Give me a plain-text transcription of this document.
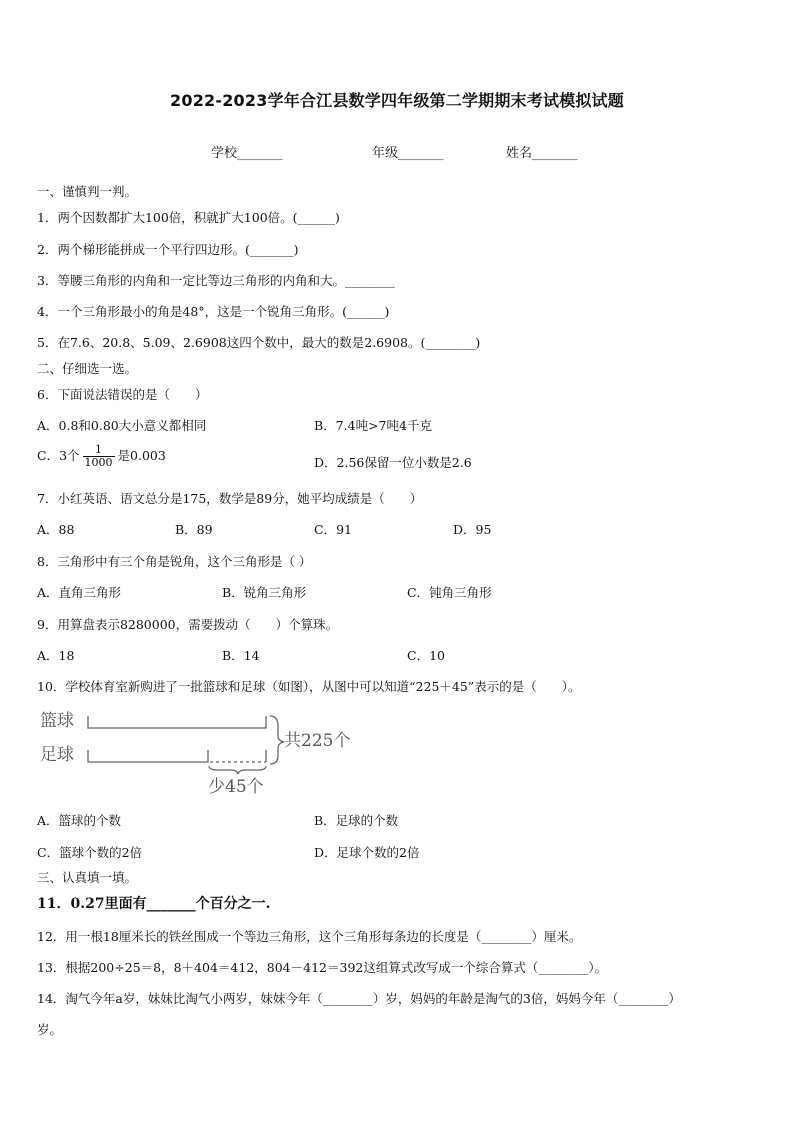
2022-2023学年合江县数学四年级第二学期期末考试模拟试题
学校_______	年级_______	姓名_______
一、谨慎判一判。
1．两个因数都扩大100倍，积就扩大100倍。(______)
2．两个梯形能拼成一个平行四边形。(_______)
3．等腰三角形的内角和一定比等边三角形的内角和大。________
4．一个三角形最小的角是48°，这是一个锐角三角形。(______)
5．在7.6、20.8、5.09、2.6908这四个数中，最大的数是2.6908。(________)
二、仔细选一选。
6．下面说法错误的是（　　）
A．0.8和0.80大小意义都相同	B．7.4吨>7吨4千克
C．3个 $\frac{1}{1000}$ 是0.003	D．2.56保留一位小数是2.6
7．小红英语、语文总分是175，数学是89分，她平均成绩是（　　）
A．88	B．89	C．91	D．95
8．三角形中有三个角是锐角，这个三角形是（ ）
A．直角三角形	B．锐角三角形	C．钝角三角形
9．用算盘表示8280000，需要拨动（　　）个算珠。
A．18	B．14	C．10
10．学校体育室新购进了一批篮球和足球（如图），从图中可以知道“225＋45”表示的是（　　）。
篮球
足球
共225个
少45个
A．篮球的个数	B．足球的个数
C．篮球个数的2倍	D．足球个数的2倍
三、认真填一填。
11．0.27里面有_______个百分之一.
12．用一根18厘米长的铁丝围成一个等边三角形，这个三角形每条边的长度是（________）厘米。
13．根据200÷25＝8，8＋404＝412，804－412＝392这组算式改写成一个综合算式（________）。
14．淘气今年a岁，妹妹比淘气小两岁，妹妹今年（________）岁，妈妈的年龄是淘气的3倍，妈妈今年（________）
岁。
